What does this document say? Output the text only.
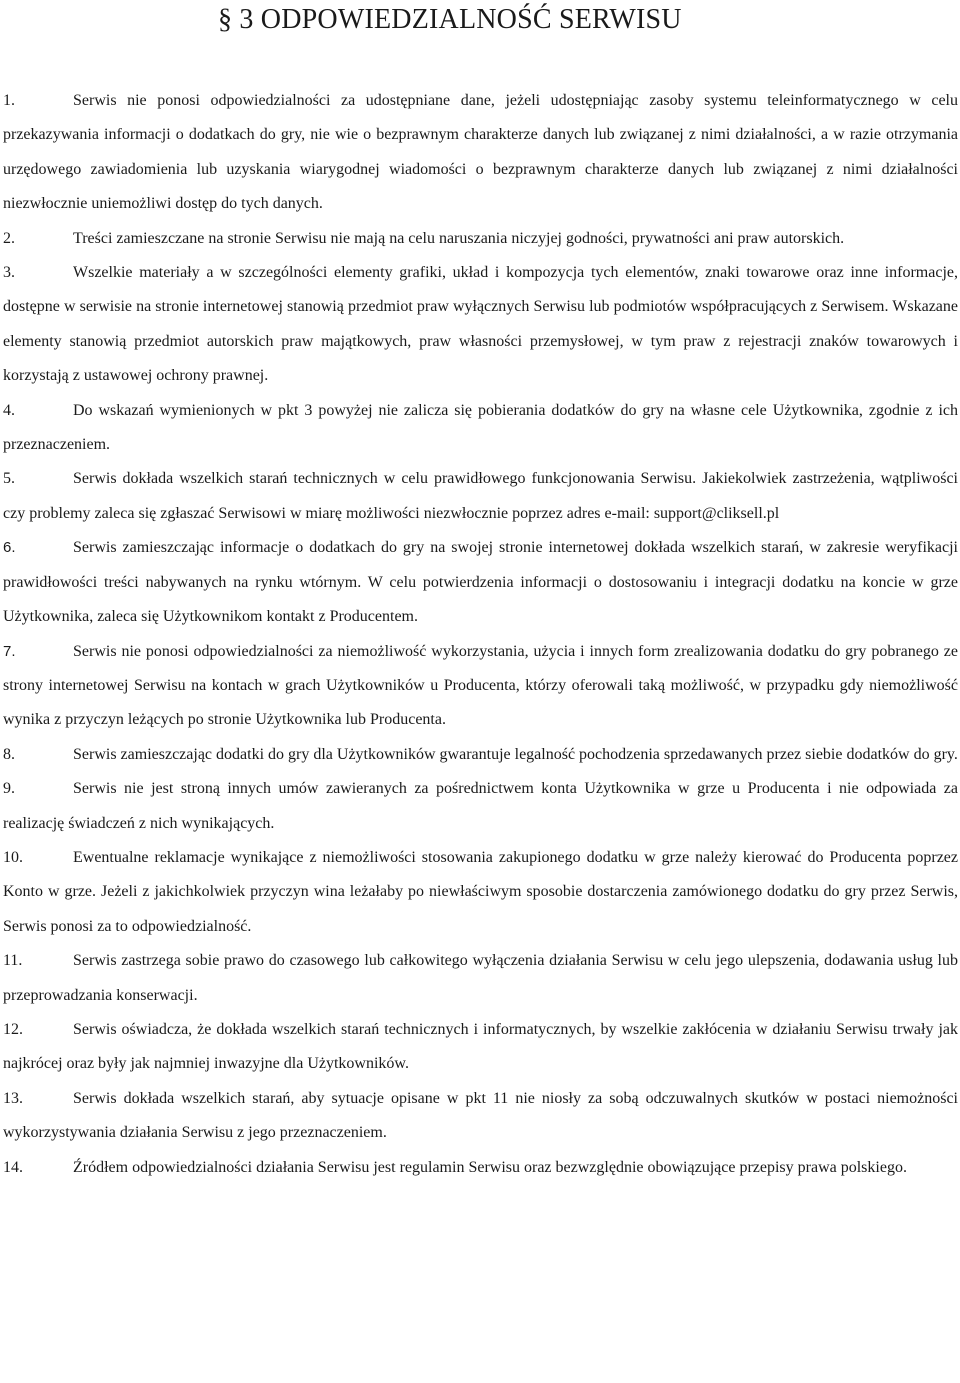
§ 3 ODPOWIEDZIALNOŚĆ SERWISU

1.	Serwis nie ponosi odpowiedzialności za udostępniane dane, jeżeli udostępniając zasoby systemu teleinformatycznego w celu przekazywania informacji o dodatkach do gry, nie wie o bezprawnym charakterze danych lub związanej z nimi działalności, a w razie otrzymania urzędowego zawiadomienia lub uzyskania wiarygodnej wiadomości o bezprawnym charakterze danych lub związanej z nimi działalności niezwłocznie uniemożliwi dostęp do tych danych.

2.	Treści zamieszczane na stronie Serwisu nie mają na celu naruszania niczyjej godności, prywatności ani praw autorskich.

3.	Wszelkie materiały a w szczególności elementy grafiki, układ i kompozycja tych elementów, znaki towarowe oraz inne informacje, dostępne w serwisie na stronie internetowej stanowią przedmiot praw wyłącznych Serwisu lub podmiotów współpracujących z Serwisem. Wskazane elementy stanowią przedmiot autorskich praw majątkowych, praw własności przemysłowej, w tym praw z rejestracji znaków towarowych i korzystają z ustawowej ochrony prawnej.

4.	Do wskazań wymienionych w pkt 3 powyżej nie zalicza się pobierania dodatków do gry na własne cele Użytkownika, zgodnie z ich przeznaczeniem.

5.	Serwis dokłada wszelkich starań technicznych w celu prawidłowego funkcjonowania Serwisu. Jakiekolwiek zastrzeżenia, wątpliwości czy problemy zaleca się zgłaszać Serwisowi w miarę możliwości niezwłocznie poprzez adres e-mail: support@cliksell.pl

6.	Serwis zamieszczając informacje o dodatkach do gry na swojej stronie internetowej dokłada wszelkich starań, w zakresie weryfikacji prawidłowości treści nabywanych na rynku wtórnym. W celu potwierdzenia informacji o dostosowaniu i integracji dodatku na koncie w grze Użytkownika, zaleca się Użytkownikom kontakt z Producentem.

7.	Serwis nie ponosi odpowiedzialności za niemożliwość wykorzystania, użycia i innych form zrealizowania dodatku do gry pobranego ze strony internetowej Serwisu na kontach w grach Użytkowników u Producenta, którzy oferowali taką możliwość, w przypadku gdy niemożliwość wynika z przyczyn leżących po stronie Użytkownika lub Producenta.

8.	Serwis zamieszczając dodatki do gry dla Użytkowników gwarantuje legalność pochodzenia sprzedawanych przez siebie dodatków do gry.

9.	Serwis nie jest stroną innych umów zawieranych za pośrednictwem konta Użytkownika w grze u Producenta i nie odpowiada za realizację świadczeń z nich wynikających.

10.	Ewentualne reklamacje wynikające z niemożliwości stosowania zakupionego dodatku w grze należy kierować do Producenta poprzez Konto w grze. Jeżeli z jakichkolwiek przyczyn wina leżałaby po niewłaściwym sposobie dostarczenia zamówionego dodatku do gry przez Serwis, Serwis ponosi za to odpowiedzialność.

11.	Serwis zastrzega sobie prawo do czasowego lub całkowitego wyłączenia działania Serwisu w celu jego ulepszenia, dodawania usług lub przeprowadzania konserwacji.

12.	Serwis oświadcza, że dokłada wszelkich starań technicznych i informatycznych, by wszelkie zakłócenia w działaniu Serwisu trwały jak najkrócej oraz były jak najmniej inwazyjne dla Użytkowników.

13.	Serwis dokłada wszelkich starań, aby sytuacje opisane w pkt 11 nie niosły za sobą odczuwalnych skutków w postaci niemożności wykorzystywania działania Serwisu z jego przeznaczeniem.

14.	Źródłem odpowiedzialności działania Serwisu jest regulamin Serwisu oraz bezwzględnie obowiązujące przepisy prawa polskiego.
